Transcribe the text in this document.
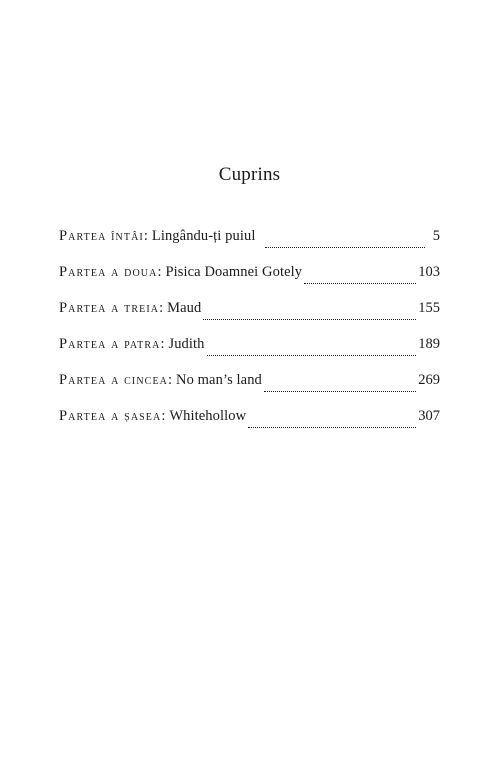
Cuprins
Partea întâi : Lingându-ți puiul	5
Partea a doua : Pisica Doamnei Gotely	103
Partea a treia : Maud	155
Partea a patra : Judith	189
Partea a cincea : No man’s land	269
Partea a șasea : Whitehollow	307
